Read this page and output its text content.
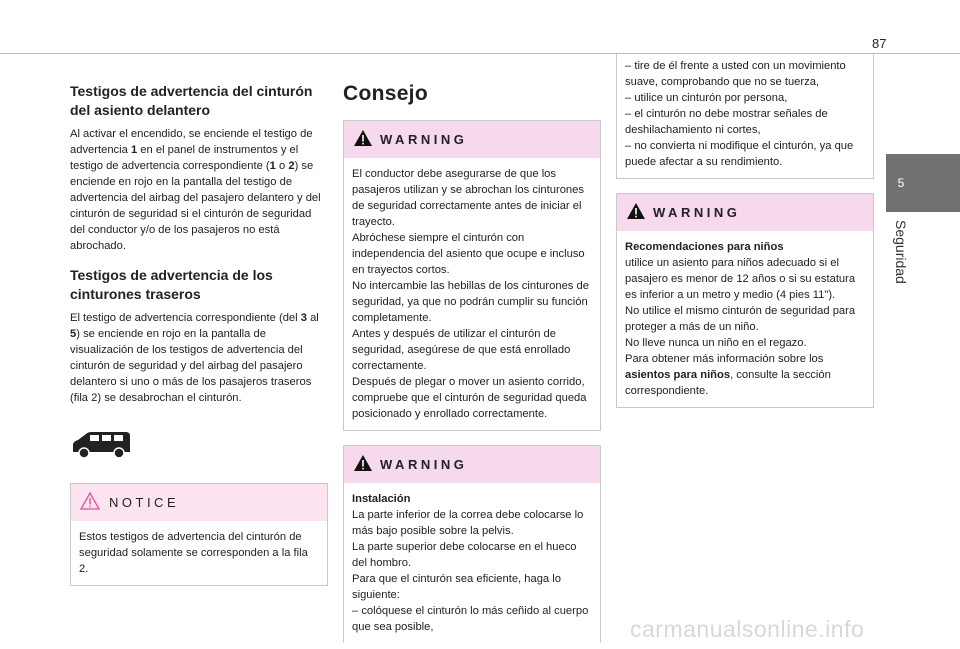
87
5
Seguridad
Testigos de advertencia del cinturón del asiento delantero

Al activar el encendido, se enciende el testigo de advertencia 1 en el panel de instrumentos y el testigo de advertencia correspondiente (1 o 2) se enciende en rojo en la pantalla del testigo de advertencia del airbag del pasajero delantero y del cinturón de seguridad si el cinturón de seguridad del conductor y/o de los pasajeros no está abrochado.

Testigos de advertencia de los cinturones traseros

El testigo de advertencia correspondiente (del 3 al 5) se enciende en rojo en la pantalla de visualización de los testigos de advertencia del cinturón de seguridad y del airbag del pasajero delantero si uno o más de los pasajeros traseros (fila 2) se desabrochan el cinturón.

NOTICE
Estos testigos de advertencia del cinturón de seguridad solamente se corresponden a la fila 2.
Consejo
WARNING
El conductor debe asegurarse de que los pasajeros utilizan y se abrochan los cinturones de seguridad correctamente antes de iniciar el trayecto.
Abróchese siempre el cinturón con independencia del asiento que ocupe e incluso en trayectos cortos.
No intercambie las hebillas de los cinturones de seguridad, ya que no podrán cumplir su función completamente.
Antes y después de utilizar el cinturón de seguridad, asegúrese de que está enrollado correctamente.
Después de plegar o mover un asiento corrido, compruebe que el cinturón de seguridad queda posicionado y enrollado correctamente.
WARNING
Instalación
La parte inferior de la correa debe colocarse lo más bajo posible sobre la pelvis.
La parte superior debe colocarse en el hueco del hombro.
Para que el cinturón sea eficiente, haga lo siguiente:
– colóquese el cinturón lo más ceñido al cuerpo que sea posible,
– tire de él frente a usted con un movimiento suave, comprobando que no se tuerza,
– utilice un cinturón por persona,
– el cinturón no debe mostrar señales de deshilachamiento ni cortes,
– no convierta ni modifique el cinturón, ya que puede afectar a su rendimiento.
WARNING
Recomendaciones para niños
utilice un asiento para niños adecuado si el pasajero es menor de 12 años o si su estatura es inferior a un metro y medio (4 pies 11").
No utilice el mismo cinturón de seguridad para proteger a más de un niño.
No lleve nunca un niño en el regazo.
Para obtener más información sobre los asientos para niños, consulte la sección correspondiente.
carmanualsonline.info
